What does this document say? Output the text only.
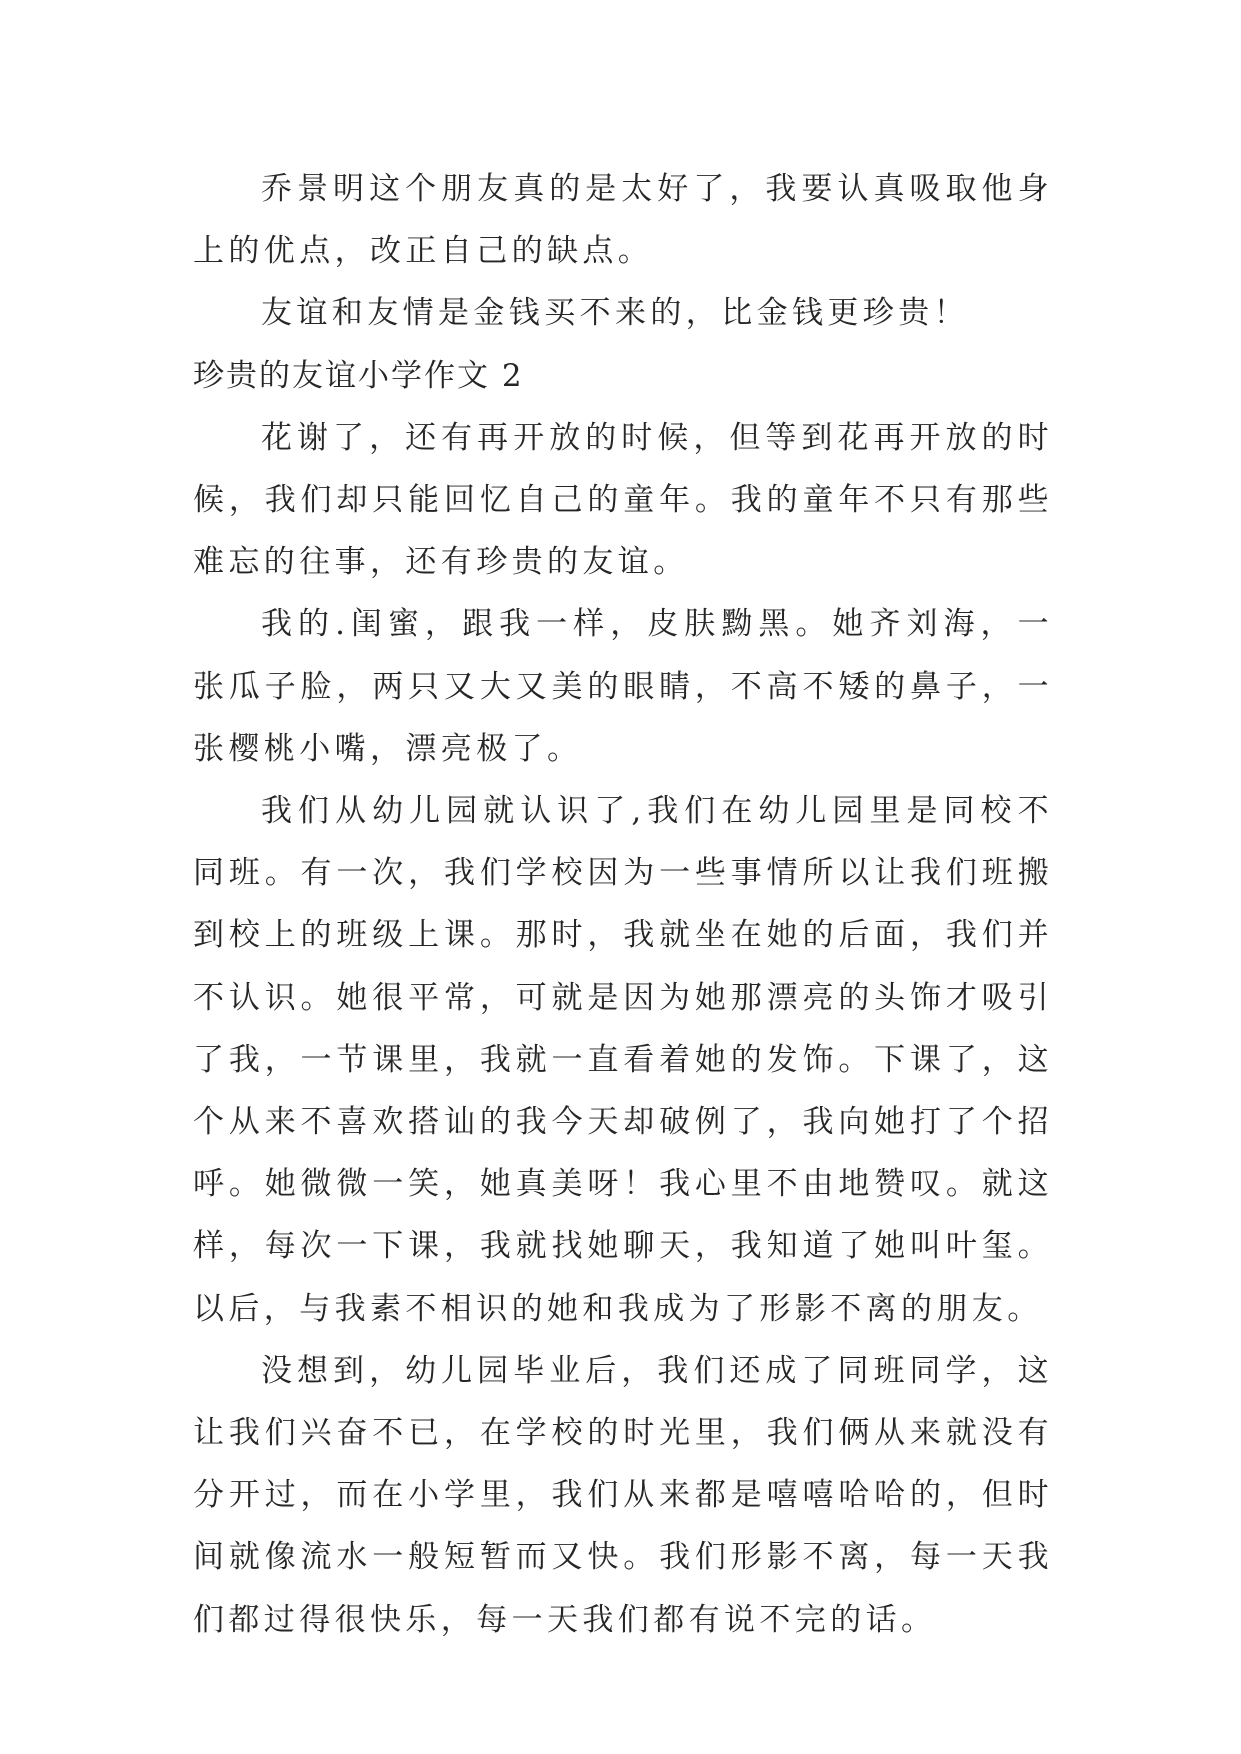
乔景明这个朋友真的是太好了，我要认真吸取他身上的优点，改正自己的缺点。

友谊和友情是金钱买不来的，比金钱更珍贵！

珍贵的友谊小学作文 2

花谢了，还有再开放的时候，但等到花再开放的时候，我们却只能回忆自己的童年。我的童年不只有那些难忘的往事，还有珍贵的友谊。

我的.闺蜜，跟我一样，皮肤黝黑。她齐刘海，一张瓜子脸，两只又大又美的眼睛，不高不矮的鼻子，一张樱桃小嘴，漂亮极了。

我们从幼儿园就认识了,我们在幼儿园里是同校不同班。有一次，我们学校因为一些事情所以让我们班搬到校上的班级上课。那时，我就坐在她的后面，我们并不认识。她很平常，可就是因为她那漂亮的头饰才吸引了我，一节课里，我就一直看着她的发饰。下课了，这个从来不喜欢搭讪的我今天却破例了，我向她打了个招呼。她微微一笑，她真美呀！我心里不由地赞叹。就这样，每次一下课，我就找她聊天，我知道了她叫叶玺。以后，与我素不相识的她和我成为了形影不离的朋友。

没想到，幼儿园毕业后，我们还成了同班同学，这让我们兴奋不已，在学校的时光里，我们俩从来就没有分开过，而在小学里，我们从来都是嘻嘻哈哈的，但时间就像流水一般短暂而又快。我们形影不离，每一天我们都过得很快乐，每一天我们都有说不完的话。
